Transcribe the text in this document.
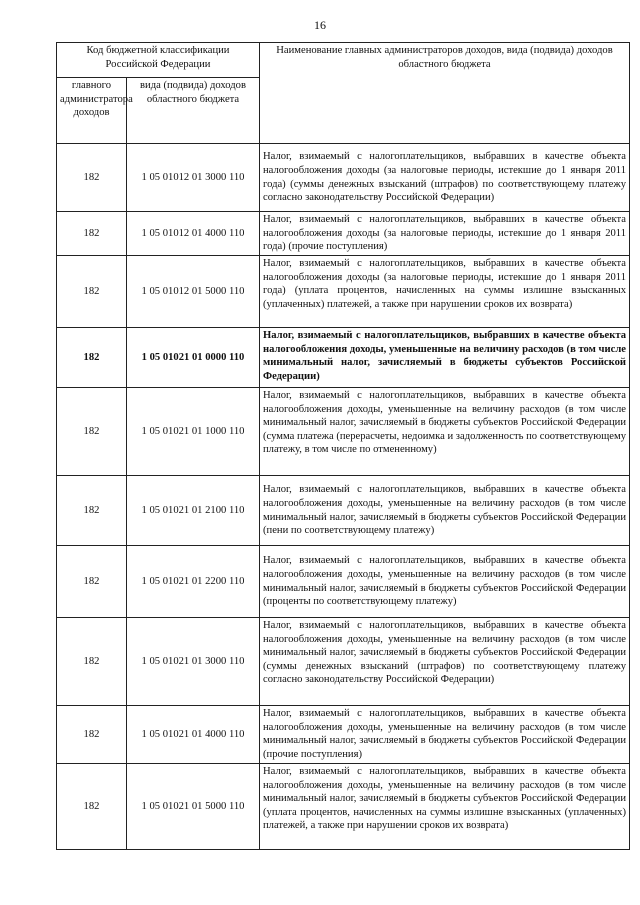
16
Код бюджетной классификации Российской Федерации		Наименование главных администраторов доходов, вида (подвида) доходов областного бюджета
главного администратора доходов	вида (подвида) доходов областного бюджета	
182	1 05 01012 01 3000 110	Налог, взимаемый с налогоплательщиков, выбравших в качестве объекта налогообложения доходы (за налоговые периоды, истекшие до 1 января 2011 года) (суммы денежных взысканий (штрафов) по соответствующему платежу согласно законодательству Российской Федерации)
182	1 05 01012 01 4000 110	Налог, взимаемый с налогоплательщиков, выбравших в качестве объекта налогообложения доходы (за налоговые периоды, истекшие до 1 января 2011 года) (прочие поступления)
182	1 05 01012 01 5000 110	Налог, взимаемый с налогоплательщиков, выбравших в качестве объекта налогообложения доходы (за налоговые периоды, истекшие до 1 января 2011 года) (уплата процентов, начисленных на суммы излишне взысканных (уплаченных) платежей, а также при нарушении сроков их возврата)
182	1 05 01021 01 0000 110	Налог, взимаемый с налогоплательщиков, выбравших в качестве объекта налогообложения доходы, уменьшенные на величину расходов (в том числе минимальный налог, зачисляемый в бюджеты субъектов Российской Федерации)
182	1 05 01021 01 1000 110	Налог, взимаемый с налогоплательщиков, выбравших в качестве объекта налогообложения доходы, уменьшенные на величину расходов (в том числе минимальный налог, зачисляемый в бюджеты субъектов Российской Федерации (сумма платежа (перерасчеты, недоимка и задолженность по соответствующему платежу, в том числе по отмененному)
182	1 05 01021 01 2100 110	Налог, взимаемый с налогоплательщиков, выбравших в качестве объекта налогообложения доходы, уменьшенные на величину расходов (в том числе минимальный налог, зачисляемый в бюджеты субъектов Российской Федерации (пени по соответствующему платежу)
182	1 05 01021 01 2200 110	Налог, взимаемый с налогоплательщиков, выбравших в качестве объекта налогообложения доходы, уменьшенные на величину расходов (в том числе минимальный налог, зачисляемый в бюджеты субъектов Российской Федерации (проценты по соответствующему платежу)
182	1 05 01021 01 3000 110	Налог, взимаемый с налогоплательщиков, выбравших в качестве объекта налогообложения доходы, уменьшенные на величину расходов (в том числе минимальный налог, зачисляемый в бюджеты субъектов Российской Федерации (суммы денежных взысканий (штрафов) по соответствующему платежу согласно законодательству Российской Федерации)
182	1 05 01021 01 4000 110	Налог, взимаемый с налогоплательщиков, выбравших в качестве объекта налогообложения доходы, уменьшенные на величину расходов (в том числе минимальный налог, зачисляемый в бюджеты субъектов Российской Федерации (прочие поступления)
182	1 05 01021 01 5000 110	Налог, взимаемый с налогоплательщиков, выбравших в качестве объекта налогообложения доходы, уменьшенные на величину расходов (в том числе минимальный налог, зачисляемый в бюджеты субъектов Российской Федерации (уплата процентов, начисленных на суммы излишне взысканных (уплаченных) платежей, а также при нарушении сроков их возврата)
